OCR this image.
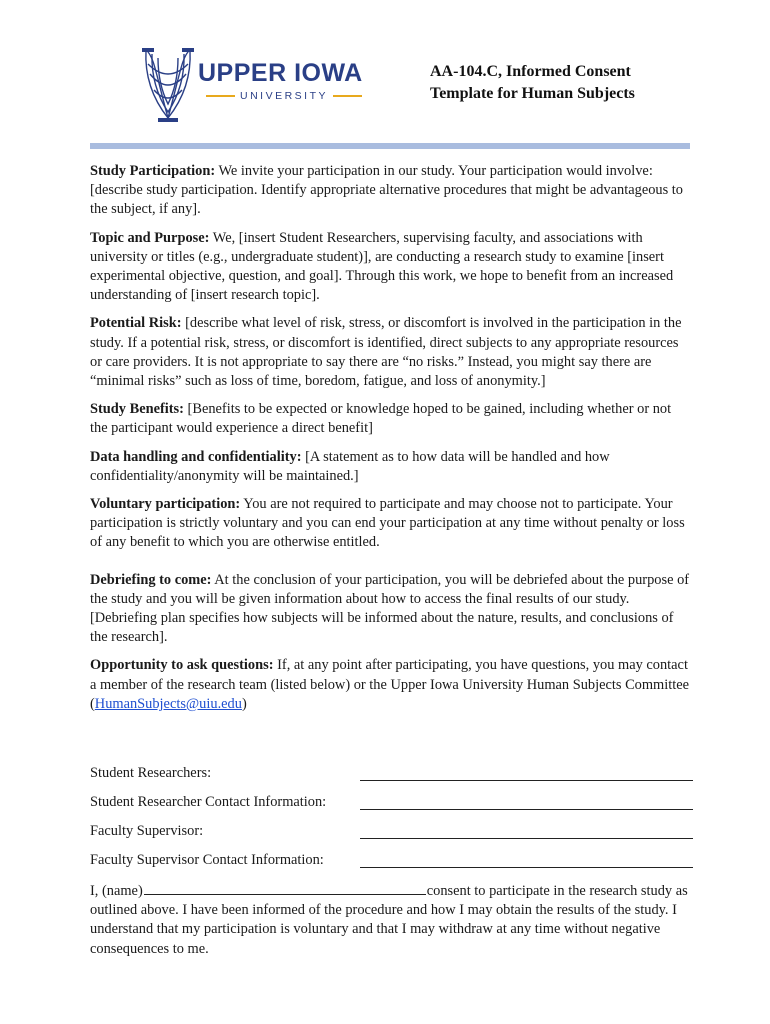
UPPER IOWA
UNIVERSITY
AA-104.C, Informed Consent
Template for Human Subjects

Study Participation: We invite your participation in our study. Your participation would involve: [describe study participation. Identify appropriate alternative procedures that might be advantageous to the subject, if any].

Topic and Purpose: We, [insert Student Researchers, supervising faculty, and associations with university or titles (e.g., undergraduate student)], are conducting a research study to examine [insert experimental objective, question, and goal]. Through this work, we hope to benefit from an increased understanding of [insert research topic].

Potential Risk: [describe what level of risk, stress, or discomfort is involved in the participation in the study. If a potential risk, stress, or discomfort is identified, direct subjects to any appropriate resources or care providers. It is not appropriate to say there are “no risks.” Instead, you might say there are “minimal risks” such as loss of time, boredom, fatigue, and loss of anonymity.]

Study Benefits: [Benefits to be expected or knowledge hoped to be gained, including whether or not the participant would experience a direct benefit]

Data handling and confidentiality: [A statement as to how data will be handled and how confidentiality/anonymity will be maintained.]

Voluntary participation: You are not required to participate and may choose not to participate. Your participation is strictly voluntary and you can end your participation at any time without penalty or loss of any benefit to which you are otherwise entitled.

Debriefing to come: At the conclusion of your participation, you will be debriefed about the purpose of the study and you will be given information about how to access the final results of our study. [Debriefing plan specifies how subjects will be informed about the nature, results, and conclusions of the research].

Opportunity to ask questions: If, at any point after participating, you have questions, you may contact a member of the research team (listed below) or the Upper Iowa University Human Subjects Committee (HumanSubjects@uiu.edu)

Student Researchers:
Student Researcher Contact Information:
Faculty Supervisor:
Faculty Supervisor Contact Information:
I, (name)	consent to participate in the research study as outlined above. I have been informed of the procedure and how I may obtain the results of the study. I understand that my participation is voluntary and that I may withdraw at any time without negative consequences to me.
